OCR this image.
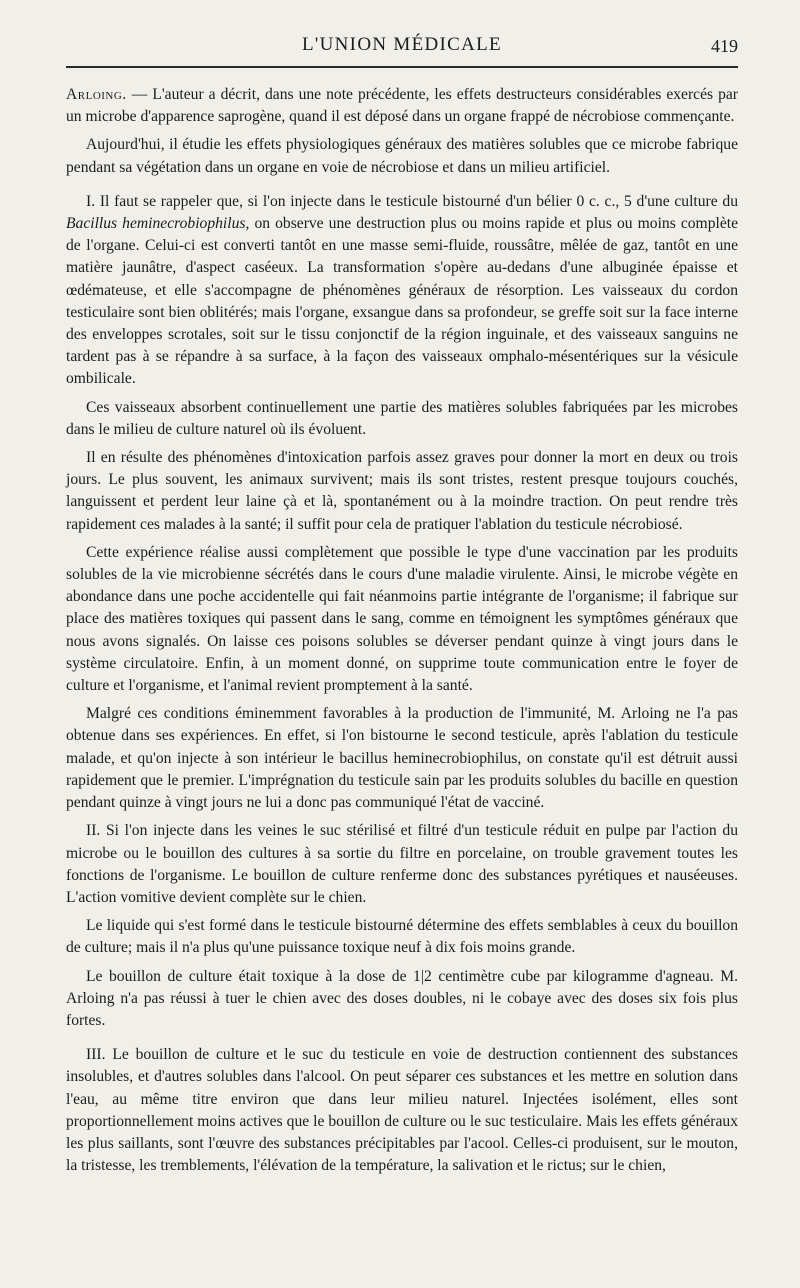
L'UNION MÉDICALE	419

Arloing. — L'auteur a décrit, dans une note précédente, les effets destructeurs considérables exercés par un microbe d'apparence saprogène, quand il est déposé dans un organe frappé de nécrobiose commençante.

Aujourd'hui, il étudie les effets physiologiques généraux des matières solubles que ce microbe fabrique pendant sa végétation dans un organe en voie de nécrobiose et dans un milieu artificiel.

I. Il faut se rappeler que, si l'on injecte dans le testicule bistourné d'un bélier 0 c. c., 5 d'une culture du Bacillus heminecrobiophilus, on observe une destruction plus ou moins rapide et plus ou moins complète de l'organe. Celui-ci est converti tantôt en une masse semi-fluide, roussâtre, mêlée de gaz, tantôt en une matière jaunâtre, d'aspect caséeux. La transformation s'opère au-dedans d'une albuginée épaisse et œdémateuse, et elle s'accompagne de phénomènes généraux de résorption. Les vaisseaux du cordon testiculaire sont bien oblitérés; mais l'organe, exsangue dans sa profondeur, se greffe soit sur la face interne des enveloppes scrotales, soit sur le tissu conjonctif de la région inguinale, et des vaisseaux sanguins ne tardent pas à se répandre à sa surface, à la façon des vaisseaux omphalo-mésentériques sur la vésicule ombilicale.

Ces vaisseaux absorbent continuellement une partie des matières solubles fabriquées par les microbes dans le milieu de culture naturel où ils évoluent.

Il en résulte des phénomènes d'intoxication parfois assez graves pour donner la mort en deux ou trois jours. Le plus souvent, les animaux survivent; mais ils sont tristes, restent presque toujours couchés, languissent et perdent leur laine çà et là, spontanément ou à la moindre traction. On peut rendre très rapidement ces malades à la santé; il suffit pour cela de pratiquer l'ablation du testicule nécrobiosé.

Cette expérience réalise aussi complètement que possible le type d'une vaccination par les produits solubles de la vie microbienne sécrétés dans le cours d'une maladie virulente. Ainsi, le microbe végète en abondance dans une poche accidentelle qui fait néanmoins partie intégrante de l'organisme; il fabrique sur place des matières toxiques qui passent dans le sang, comme en témoignent les symptômes généraux que nous avons signalés. On laisse ces poisons solubles se déverser pendant quinze à vingt jours dans le système circulatoire. Enfin, à un moment donné, on supprime toute communication entre le foyer de culture et l'organisme, et l'animal revient promptement à la santé.

Malgré ces conditions éminemment favorables à la production de l'immunité, M. Arloing ne l'a pas obtenue dans ses expériences. En effet, si l'on bistourne le second testicule, après l'ablation du testicule malade, et qu'on injecte à son intérieur le bacillus heminecrobiophilus, on constate qu'il est détruit aussi rapidement que le premier. L'imprégnation du testicule sain par les produits solubles du bacille en question pendant quinze à vingt jours ne lui a donc pas communiqué l'état de vacciné.

II. Si l'on injecte dans les veines le suc stérilisé et filtré d'un testicule réduit en pulpe par l'action du microbe ou le bouillon des cultures à sa sortie du filtre en porcelaine, on trouble gravement toutes les fonctions de l'organisme. Le bouillon de culture renferme donc des substances pyrétiques et nauséeuses. L'action vomitive devient complète sur le chien.

Le liquide qui s'est formé dans le testicule bistourné détermine des effets semblables à ceux du bouillon de culture; mais il n'a plus qu'une puissance toxique neuf à dix fois moins grande.

Le bouillon de culture était toxique à la dose de 1|2 centimètre cube par kilogramme d'agneau. M. Arloing n'a pas réussi à tuer le chien avec des doses doubles, ni le cobaye avec des doses six fois plus fortes.

III. Le bouillon de culture et le suc du testicule en voie de destruction contiennent des substances insolubles, et d'autres solubles dans l'alcool. On peut séparer ces substances et les mettre en solution dans l'eau, au même titre environ que dans leur milieu naturel. Injectées isolément, elles sont proportionnellement moins actives que le bouillon de culture ou le suc testiculaire. Mais les effets généraux les plus saillants, sont l'œuvre des substances précipitables par l'acool. Celles-ci produisent, sur le mouton, la tristesse, les tremblements, l'élévation de la température, la salivation et le rictus; sur le chien,
